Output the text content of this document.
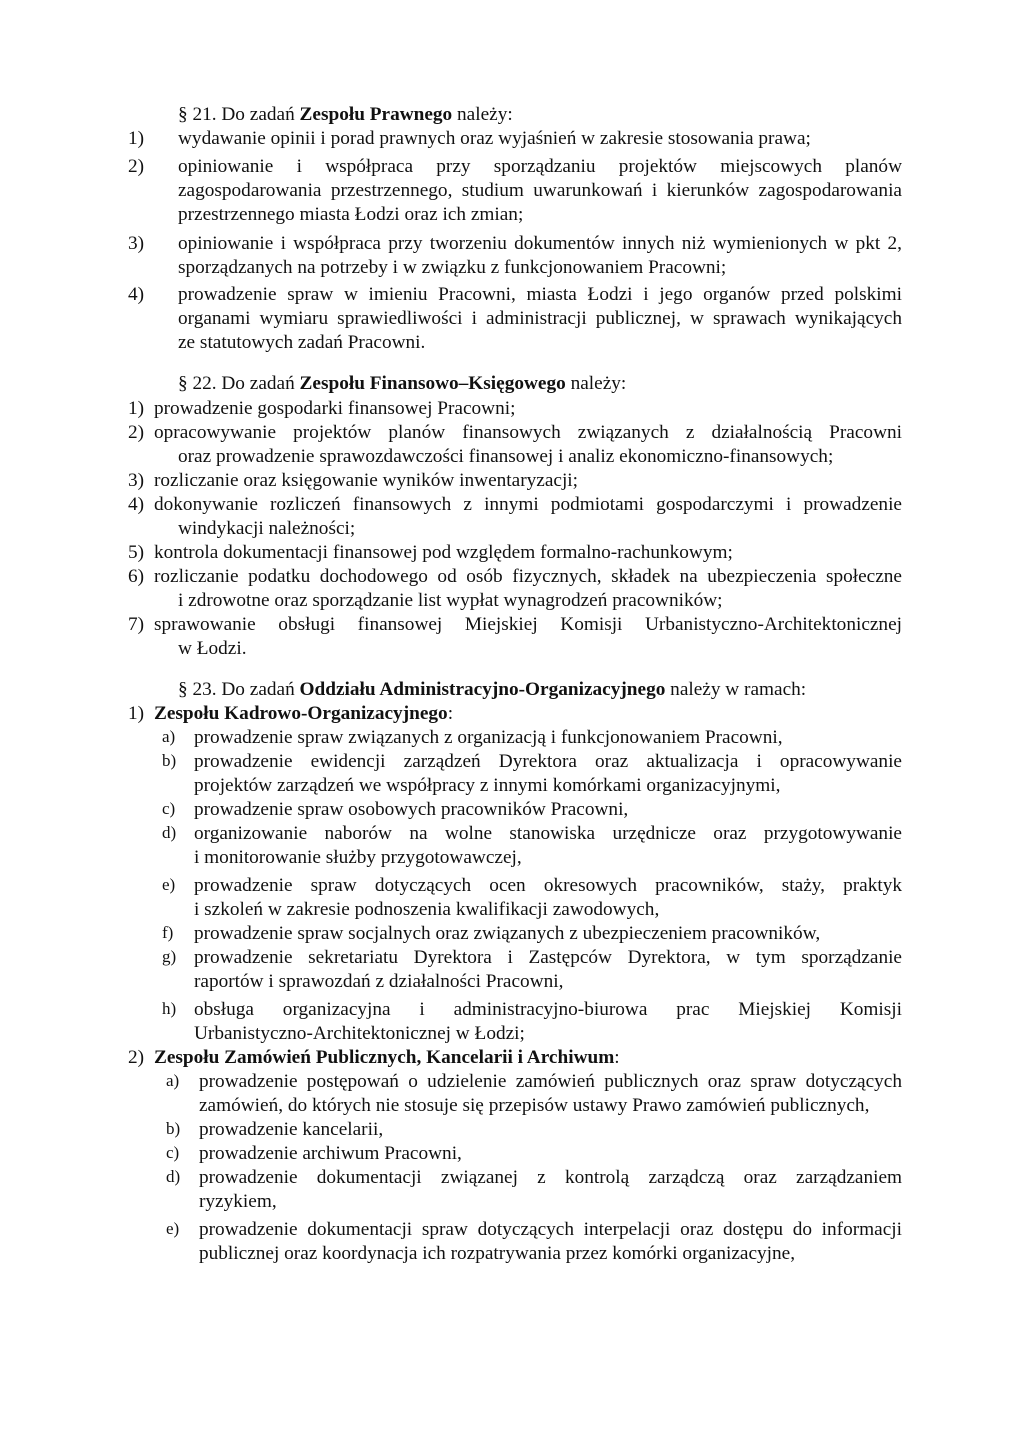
§ 21. Do zadań Zespołu Prawnego należy:
1) wydawanie opinii i porad prawnych oraz wyjaśnień w zakresie stosowania prawa;
2) opiniowanie i współpraca przy sporządzaniu projektów miejscowych planów
zagospodarowania przestrzennego, studium uwarunkowań i kierunków zagospodarowania
przestrzennego miasta Łodzi oraz ich zmian;
3) opiniowanie i współpraca przy tworzeniu dokumentów innych niż wymienionych w pkt 2,
sporządzanych na potrzeby i w związku z funkcjonowaniem Pracowni;
4) prowadzenie spraw w imieniu Pracowni, miasta Łodzi i jego organów przed polskimi
organami wymiaru sprawiedliwości i administracji publicznej, w sprawach wynikających
ze statutowych zadań Pracowni.
§ 22. Do zadań Zespołu Finansowo–Księgowego należy:
1) prowadzenie gospodarki finansowej Pracowni;
2) opracowywanie projektów planów finansowych związanych z działalnością Pracowni
oraz prowadzenie sprawozdawczości finansowej i analiz ekonomiczno-finansowych;
3) rozliczanie oraz księgowanie wyników inwentaryzacji;
4) dokonywanie rozliczeń finansowych z innymi podmiotami gospodarczymi i prowadzenie
windykacji należności;
5) kontrola dokumentacji finansowej pod względem formalno-rachunkowym;
6) rozliczanie podatku dochodowego od osób fizycznych, składek na ubezpieczenia społeczne
i zdrowotne oraz sporządzanie list wypłat wynagrodzeń pracowników;
7) sprawowanie obsługi finansowej Miejskiej Komisji Urbanistyczno-Architektonicznej
w Łodzi.
§ 23. Do zadań Oddziału Administracyjno-Organizacyjnego należy w ramach:
1) Zespołu Kadrowo-Organizacyjnego:
a) prowadzenie spraw związanych z organizacją i funkcjonowaniem Pracowni,
b) prowadzenie ewidencji zarządzeń Dyrektora oraz aktualizacja i opracowywanie
projektów zarządzeń we współpracy z innymi komórkami organizacyjnymi,
c) prowadzenie spraw osobowych pracowników Pracowni,
d) organizowanie naborów na wolne stanowiska urzędnicze oraz przygotowywanie
i monitorowanie służby przygotowawczej,
e) prowadzenie spraw dotyczących ocen okresowych pracowników, staży, praktyk
i szkoleń w zakresie podnoszenia kwalifikacji zawodowych,
f) prowadzenie spraw socjalnych oraz związanych z ubezpieczeniem pracowników,
g) prowadzenie sekretariatu Dyrektora i Zastępców Dyrektora, w tym sporządzanie
raportów i sprawozdań z działalności Pracowni,
h) obsługa organizacyjna i administracyjno-biurowa prac Miejskiej Komisji
Urbanistyczno-Architektonicznej w Łodzi;
2) Zespołu Zamówień Publicznych, Kancelarii i Archiwum:
a) prowadzenie postępowań o udzielenie zamówień publicznych oraz spraw dotyczących
zamówień, do których nie stosuje się przepisów ustawy Prawo zamówień publicznych,
b) prowadzenie kancelarii,
c) prowadzenie archiwum Pracowni,
d) prowadzenie dokumentacji związanej z kontrolą zarządczą oraz zarządzaniem
ryzykiem,
e) prowadzenie dokumentacji spraw dotyczących interpelacji oraz dostępu do informacji
publicznej oraz koordynacja ich rozpatrywania przez komórki organizacyjne,
